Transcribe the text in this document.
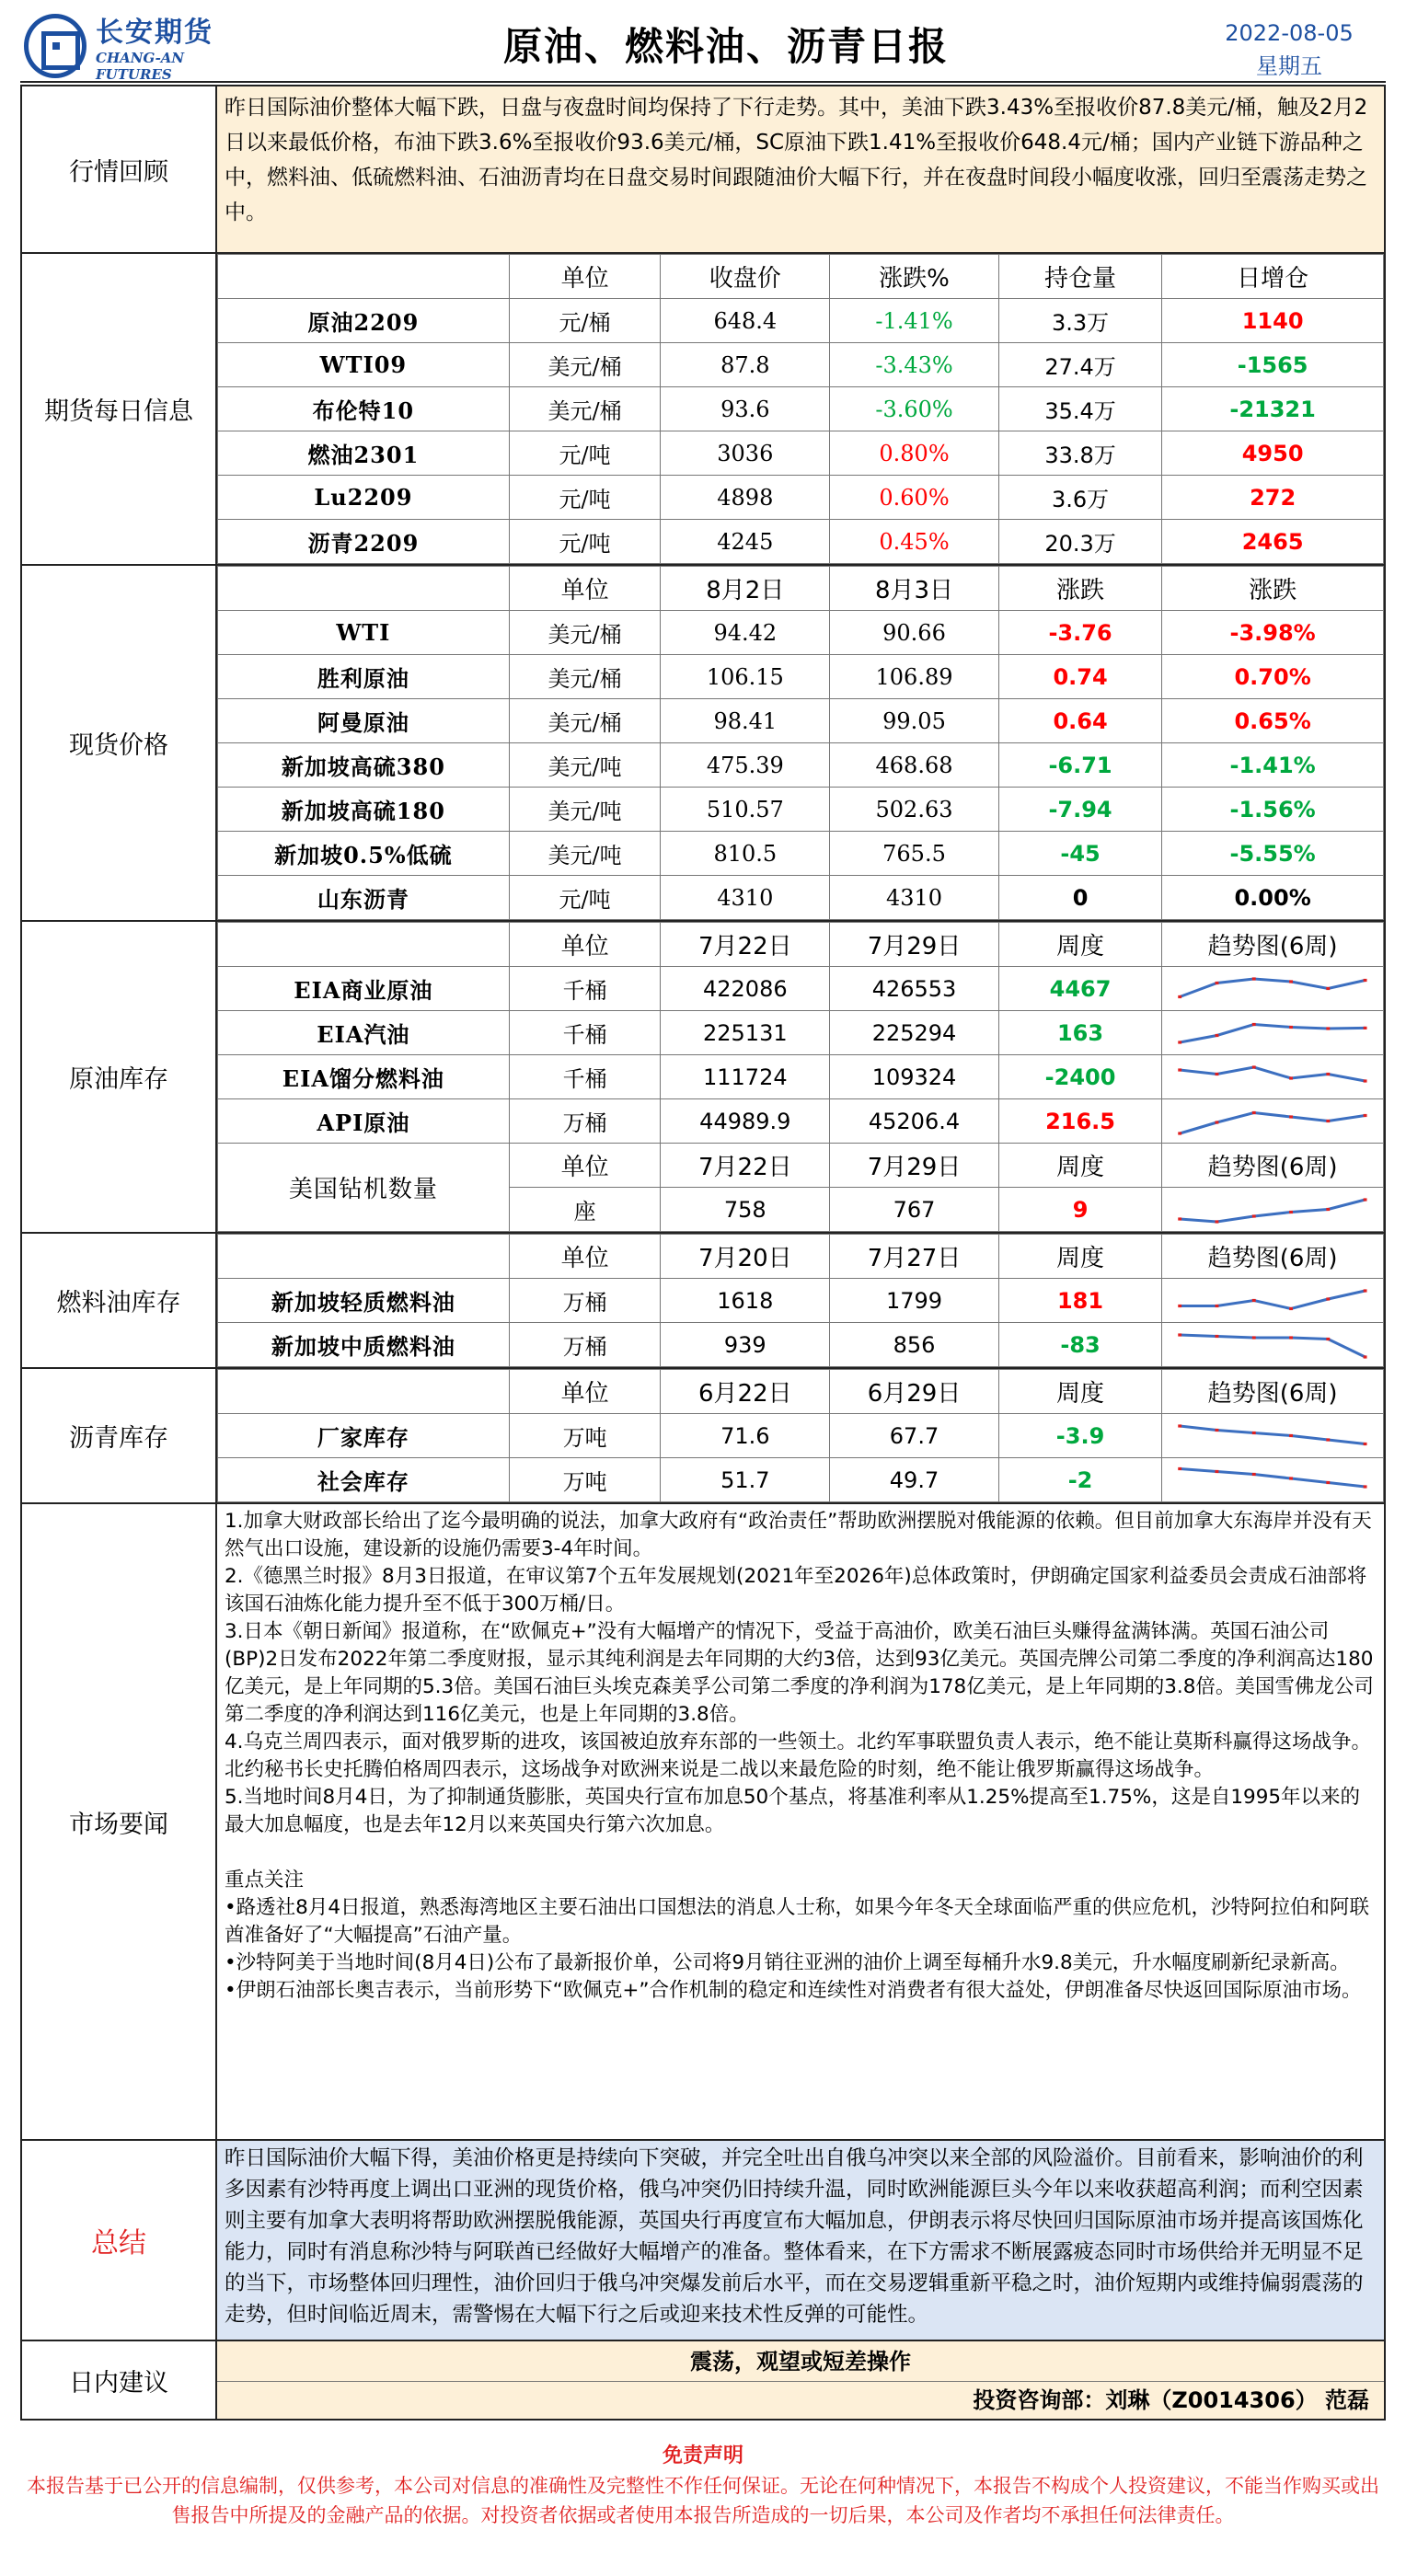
长安期货
CHANG-AN FUTURES
原油、燃料油、沥青日报	2022-08-05
星期五
行情回顾
昨日国际油价整体大幅下跌，日盘与夜盘时间均保持了下行走势。其中，美油下跌3.43%至报收价87.8美元/桶，触及2月2日以来最低价格，布油下跌3.6%至报收价93.6美元/桶，SC原油下跌1.41%至报收价648.4元/桶；国内产业链下游品种之中，燃料油、低硫燃料油、石油沥青均在日盘交易时间跟随油价大幅下行，并在夜盘时间段小幅度收涨，回归至震荡走势之中。
期货每日信息
	单位	收盘价	涨跌%	持仓量	日增仓
原油2209	元/桶	648.4	-1.41%	3.3万	1140
WTI09	美元/桶	87.8	-3.43%	27.4万	-1565
布伦特10	美元/桶	93.6	-3.60%	35.4万	-21321
燃油2301	元/吨	3036	0.80%	33.8万	4950
Lu2209	元/吨	4898	0.60%	3.6万	272
沥青2209	元/吨	4245	0.45%	20.3万	2465
现货价格
	单位	8月2日	8月3日	涨跌	涨跌
WTI	美元/桶	94.42	90.66	-3.76	-3.98%
胜利原油	美元/桶	106.15	106.89	0.74	0.70%
阿曼原油	美元/桶	98.41	99.05	0.64	0.65%
新加坡高硫380	美元/吨	475.39	468.68	-6.71	-1.41%
新加坡高硫180	美元/吨	510.57	502.63	-7.94	-1.56%
新加坡0.5%低硫	美元/吨	810.5	765.5	-45	-5.55%
山东沥青	元/吨	4310	4310	0	0.00%
原油库存
	单位	7月22日	7月29日	周度	趋势图(6周)
EIA商业原油	千桶	422086	426553	4467	

EIA汽油	千桶	225131	225294	163	

EIA馏分燃料油	千桶	111724	109324	-2400	

API原油	万桶	44989.9	45206.4	216.5	

美国钻机数量	单位	7月22日	7月29日	周度	趋势图(6周)
	座	758	767	9	
燃料油库存
	单位	7月20日	7月27日	周度	趋势图(6周)
新加坡轻质燃料油	万桶	1618	1799	181	

新加坡中质燃料油	万桶	939	856	-83	
沥青库存
	单位	6月22日	6月29日	周度	趋势图(6周)
厂家库存	万吨	71.6	67.7	-3.9	

社会库存	万吨	51.7	49.7	-2	
市场要闻
1.加拿大财政部长给出了迄今最明确的说法，加拿大政府有“政治责任”帮助欧洲摆脱对俄能源的依赖。但目前加拿大东海岸并没有天然气出口设施，建设新的设施仍需要3-4年时间。
2.《德黑兰时报》8月3日报道，在审议第7个五年发展规划(2021年至2026年)总体政策时，伊朗确定国家利益委员会责成石油部将该国石油炼化能力提升至不低于300万桶/日。
3.日本《朝日新闻》报道称，在“欧佩克+”没有大幅增产的情况下，受益于高油价，欧美石油巨头赚得盆满钵满。英国石油公司(BP)2日发布2022年第二季度财报，显示其纯利润是去年同期的大约3倍，达到93亿美元。英国壳牌公司第二季度的净利润高达180亿美元，是上年同期的5.3倍。美国石油巨头埃克森美孚公司第二季度的净利润为178亿美元，是上年同期的3.8倍。美国雪佛龙公司第二季度的净利润达到116亿美元，也是上年同期的3.8倍。
4.乌克兰周四表示，面对俄罗斯的进攻，该国被迫放弃东部的一些领土。北约军事联盟负责人表示，绝不能让莫斯科赢得这场战争。北约秘书长史托腾伯格周四表示，这场战争对欧洲来说是二战以来最危险的时刻，绝不能让俄罗斯赢得这场战争。
5.当地时间8月4日，为了抑制通货膨胀，英国央行宣布加息50个基点，将基准利率从1.25%提高至1.75%，这是自1995年以来的最大加息幅度，也是去年12月以来英国央行第六次加息。

重点关注
•路透社8月4日报道，熟悉海湾地区主要石油出口国想法的消息人士称，如果今年冬天全球面临严重的供应危机，沙特阿拉伯和阿联酋准备好了“大幅提高”石油产量。
•沙特阿美于当地时间(8月4日)公布了最新报价单，公司将9月销往亚洲的油价上调至每桶升水9.8美元，升水幅度刷新纪录新高。
•伊朗石油部长奥吉表示，当前形势下“欧佩克+”合作机制的稳定和连续性对消费者有很大益处，伊朗准备尽快返回国际原油市场。
总结
昨日国际油价大幅下得，美油价格更是持续向下突破，并完全吐出自俄乌冲突以来全部的风险溢价。目前看来，影响油价的利多因素有沙特再度上调出口亚洲的现货价格，俄乌冲突仍旧持续升温，同时欧洲能源巨头今年以来收获超高利润；而利空因素则主要有加拿大表明将帮助欧洲摆脱俄能源，英国央行再度宣布大幅加息，伊朗表示将尽快回归国际原油市场并提高该国炼化能力，同时有消息称沙特与阿联酋已经做好大幅增产的准备。整体看来，在下方需求不断展露疲态同时市场供给并无明显不足的当下，市场整体回归理性，油价回归于俄乌冲突爆发前后水平，而在交易逻辑重新平稳之时，油价短期内或维持偏弱震荡的走势，但时间临近周末，需警惕在大幅下行之后或迎来技术性反弹的可能性。
日内建议
震荡，观望或短差操作
投资咨询部：刘琳（Z0014306） 范磊
免责声明
本报告基于已公开的信息编制，仅供参考，本公司对信息的准确性及完整性不作任何保证。无论在何种情况下，本报告不构成个人投资建议，不能当作购买或出售报告中所提及的金融产品的依据。对投资者依据或者使用本报告所造成的一切后果，本公司及作者均不承担任何法律责任。
